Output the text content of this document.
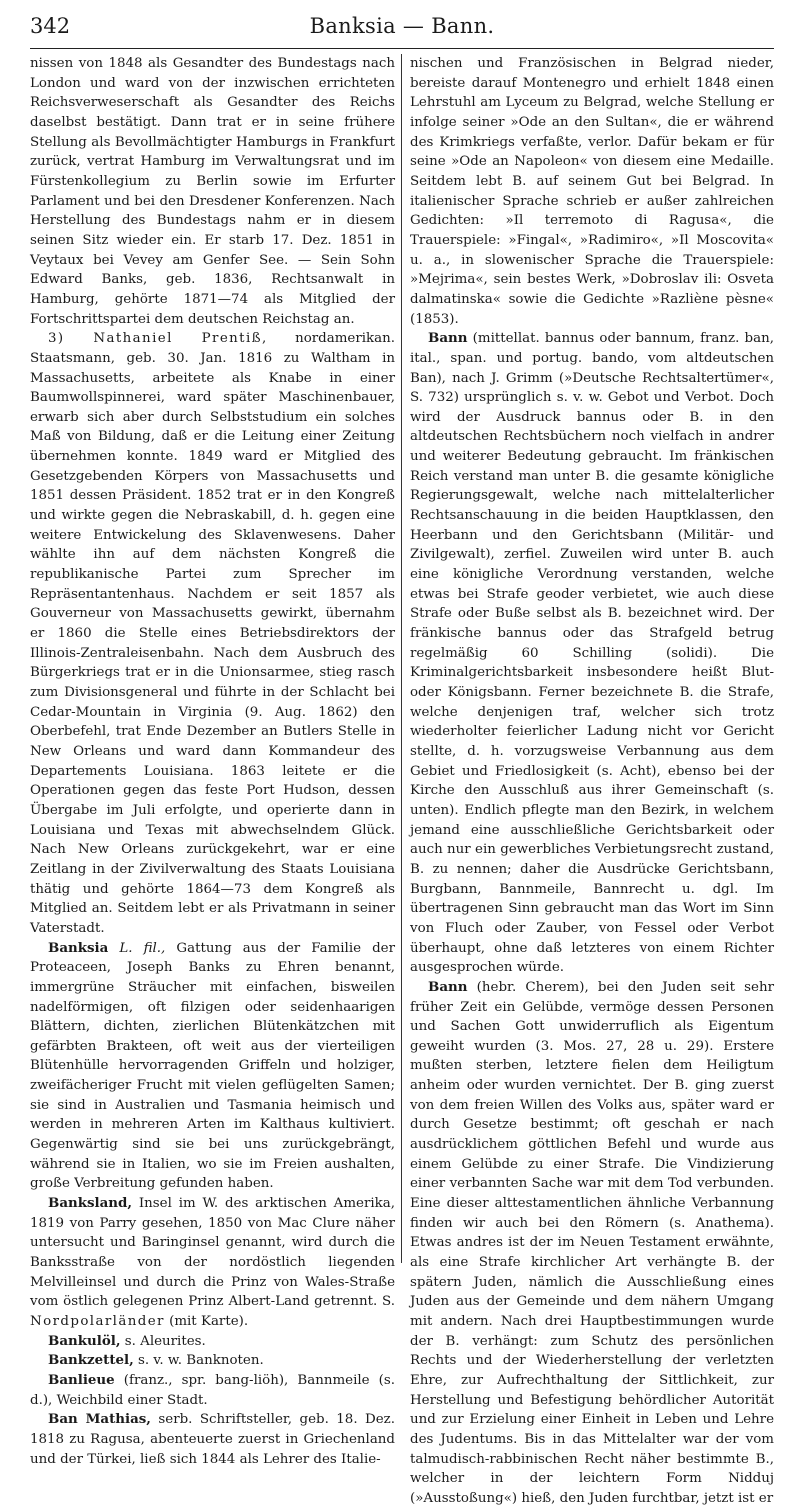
342	Banksia — Bann.

nissen von 1848 als Gesandter des Bundestags nach London und ward von der inzwischen errichteten Reichsverweserschaft als Gesandter des Reichs daselbst bestätigt. Dann trat er in seine frühere Stellung als Bevollmächtigter Hamburgs in Frankfurt zurück, vertrat Hamburg im Verwaltungsrat und im Fürstenkollegium zu Berlin sowie im Erfurter Parlament und bei den Dresdener Konferenzen. Nach Herstellung des Bundestags nahm er in diesem seinen Sitz wieder ein. Er starb 17. Dez. 1851 in Veytaux bei Vevey am Genfer See. — Sein Sohn Edward Banks, geb. 1836, Rechtsanwalt in Hamburg, gehörte 1871—74 als Mitglied der Fortschrittspartei dem deutschen Reichstag an.

3) Nathaniel Prentiß, nordamerikan. Staatsmann, geb. 30. Jan. 1816 zu Waltham in Massachusetts, arbeitete als Knabe in einer Baumwollspinnerei, ward später Maschinenbauer, erwarb sich aber durch Selbststudium ein solches Maß von Bildung, daß er die Leitung einer Zeitung übernehmen konnte. 1849 ward er Mitglied des Gesetzgebenden Körpers von Massachusetts und 1851 dessen Präsident. 1852 trat er in den Kongreß und wirkte gegen die Nebraskabill, d. h. gegen eine weitere Entwickelung des Sklavenwesens. Daher wählte ihn auf dem nächsten Kongreß die republikanische Partei zum Sprecher im Repräsentantenhaus. Nachdem er seit 1857 als Gouverneur von Massachusetts gewirkt, übernahm er 1860 die Stelle eines Betriebsdirektors der Illinois-Zentraleisenbahn. Nach dem Ausbruch des Bürgerkriegs trat er in die Unionsarmee, stieg rasch zum Divisionsgeneral und führte in der Schlacht bei Cedar-Mountain in Virginia (9. Aug. 1862) den Oberbefehl, trat Ende Dezember an Butlers Stelle in New Orleans und ward dann Kommandeur des Departements Louisiana. 1863 leitete er die Operationen gegen das feste Port Hudson, dessen Übergabe im Juli erfolgte, und operierte dann in Louisiana und Texas mit abwechselndem Glück. Nach New Orleans zurückgekehrt, war er eine Zeitlang in der Zivilverwaltung des Staats Louisiana thätig und gehörte 1864—73 dem Kongreß als Mitglied an. Seitdem lebt er als Privatmann in seiner Vaterstadt.

Banksia L. fil., Gattung aus der Familie der Proteaceen, Joseph Banks zu Ehren benannt, immergrüne Sträucher mit einfachen, bisweilen nadelförmigen, oft filzigen oder seidenhaarigen Blättern, dichten, zierlichen Blütenkätzchen mit gefärbten Brakteen, oft weit aus der vierteiligen Blütenhülle hervorragenden Griffeln und holziger, zweifächeriger Frucht mit vielen geflügelten Samen; sie sind in Australien und Tasmania heimisch und werden in mehreren Arten im Kalthaus kultiviert. Gegenwärtig sind sie bei uns zurückgebrängt, während sie in Italien, wo sie im Freien aushalten, große Verbreitung gefunden haben.

Banksland, Insel im W. des arktischen Amerika, 1819 von Parry gesehen, 1850 von Mac Clure näher untersucht und Baringinsel genannt, wird durch die Banksstraße von der nordöstlich liegenden Melvilleinsel und durch die Prinz von Wales-Straße vom östlich gelegenen Prinz Albert-Land getrennt. S. Nordpolarländer (mit Karte).

Bankulöl, s. Aleurites.

Bankzettel, s. v. w. Banknoten.

Banlieue (franz., spr. bang-liöh), Bannmeile (s. d.), Weichbild einer Stadt.

Ban Mathias, serb. Schriftsteller, geb. 18. Dez. 1818 zu Ragusa, abenteuerte zuerst in Griechenland und der Türkei, ließ sich 1844 als Lehrer des Italie-

nischen und Französischen in Belgrad nieder, bereiste darauf Montenegro und erhielt 1848 einen Lehrstuhl am Lyceum zu Belgrad, welche Stellung er infolge seiner »Ode an den Sultan«, die er während des Krimkriegs verfaßte, verlor. Dafür bekam er für seine »Ode an Napoleon« von diesem eine Medaille. Seitdem lebt B. auf seinem Gut bei Belgrad. In italienischer Sprache schrieb er außer zahlreichen Gedichten: »Il terremoto di Ragusa«, die Trauerspiele: »Fingal«, »Radimiro«, »Il Moscovita« u. a., in slowenischer Sprache die Trauerspiele: »Mejrima«, sein bestes Werk, »Dobroslav ili: Osveta dalmatinska« sowie die Gedichte »Razliène pèsne« (1853).

Bann (mittellat. bannus oder bannum, franz. ban, ital., span. und portug. bando, vom altdeutschen Ban), nach J. Grimm (»Deutsche Rechtsaltertümer«, S. 732) ursprünglich s. v. w. Gebot und Verbot. Doch wird der Ausdruck bannus oder B. in den altdeutschen Rechtsbüchern noch vielfach in andrer und weiterer Bedeutung gebraucht. Im fränkischen Reich verstand man unter B. die gesamte königliche Regierungsgewalt, welche nach mittelalterlicher Rechtsanschauung in die beiden Hauptklassen, den Heerbann und den Gerichtsbann (Militär- und Zivilgewalt), zerfiel. Zuweilen wird unter B. auch eine königliche Verordnung verstanden, welche etwas bei Strafe geoder verbietet, wie auch diese Strafe oder Buße selbst als B. bezeichnet wird. Der fränkische bannus oder das Strafgeld betrug regelmäßig 60 Schilling (solidi). Die Kriminalgerichtsbarkeit insbesondere heißt Blut- oder Königsbann. Ferner bezeichnete B. die Strafe, welche denjenigen traf, welcher sich trotz wiederholter feierlicher Ladung nicht vor Gericht stellte, d. h. vorzugsweise Verbannung aus dem Gebiet und Friedlosigkeit (s. Acht), ebenso bei der Kirche den Ausschluß aus ihrer Gemeinschaft (s. unten). Endlich pflegte man den Bezirk, in welchem jemand eine ausschließliche Gerichtsbarkeit oder auch nur ein gewerbliches Verbietungsrecht zustand, B. zu nennen; daher die Ausdrücke Gerichtsbann, Burgbann, Bannmeile, Bannrecht u. dgl. Im übertragenen Sinn gebraucht man das Wort im Sinn von Fluch oder Zauber, von Fessel oder Verbot überhaupt, ohne daß letzteres von einem Richter ausgesprochen würde.

Bann (hebr. Cherem), bei den Juden seit sehr früher Zeit ein Gelübde, vermöge dessen Personen und Sachen Gott unwiderruflich als Eigentum geweiht wurden (3. Mos. 27, 28 u. 29). Erstere mußten sterben, letztere fielen dem Heiligtum anheim oder wurden vernichtet. Der B. ging zuerst von dem freien Willen des Volks aus, später ward er durch Gesetze bestimmt; oft geschah er nach ausdrücklichem göttlichen Befehl und wurde aus einem Gelübde zu einer Strafe. Die Vindizierung einer verbannten Sache war mit dem Tod verbunden. Eine dieser alttestamentlichen ähnliche Verbannung finden wir auch bei den Römern (s. Anathema). Etwas andres ist der im Neuen Testament erwähnte, als eine Strafe kirchlicher Art verhängte B. der spätern Juden, nämlich die Ausschließung eines Juden aus der Gemeinde und dem nähern Umgang mit andern. Nach drei Hauptbestimmungen wurde der B. verhängt: zum Schutz des persönlichen Rechts und der Wiederherstellung der verletzten Ehre, zur Aufrechthaltung der Sittlichkeit, zur Herstellung und Befestigung behördlicher Autorität und zur Erzielung einer Einheit in Leben und Lehre des Judentums. Bis in das Mittelalter war der vom talmudisch-rabbinischen Recht näher bestimmte B., welcher in der leichtern Form Nidduj (»Ausstoßung«) hieß, den Juden furchtbar, jetzt ist er
